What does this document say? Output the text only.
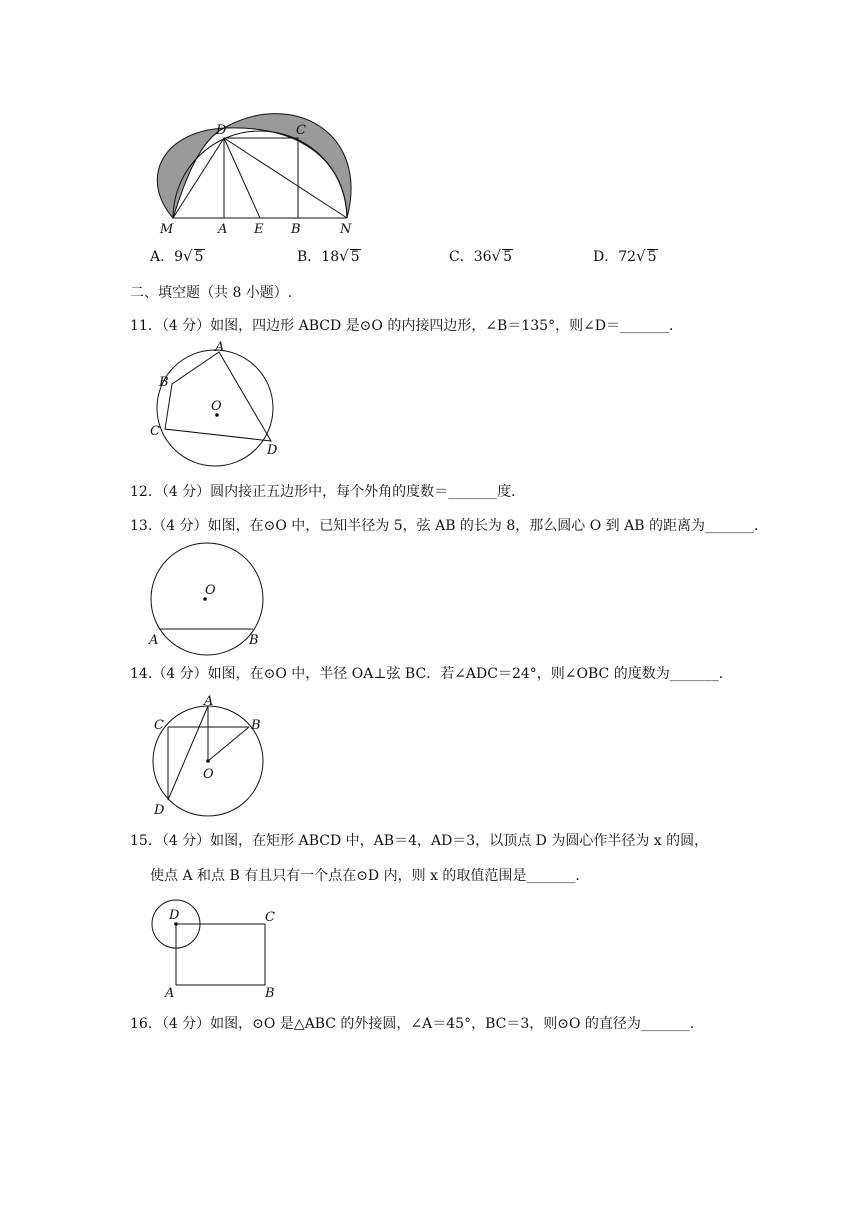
D	C
M	A E B	N
A．9√ 5	B．18√ 5	C．36√ 5	D．72√ 5
二、填空题（共 8 小题）.
11．（4 分）如图，四边形 ABCD 是⊙O 的内接四边形，∠B＝135°，则∠D＝_______．
A
B
C
D
O
12．（4 分）圆内接正五边形中，每个外角的度数＝_______度．
13.（4 分）如图，在⊙O 中，已知半径为 5，弦 AB 的长为 8，那么圆心 O 到 AB 的距离为_______．
O
A	B
14.（4 分）如图，在⊙O 中，半径 OA⊥弦 BC．若∠ADC＝24°，则∠OBC 的度数为_______．
A
B
C
D
O
15．（4 分）如图，在矩形 ABCD 中，AB＝4，AD＝3，以顶点 D 为圆心作半径为 x 的圆，
使点 A 和点 B 有且只有一个点在⊙D 内，则 x 的取值范围是_______．
D	C
A	B
16．（4 分）如图，⊙O 是△ABC 的外接圆，∠A＝45°，BC＝3，则⊙O 的直径为_______．
